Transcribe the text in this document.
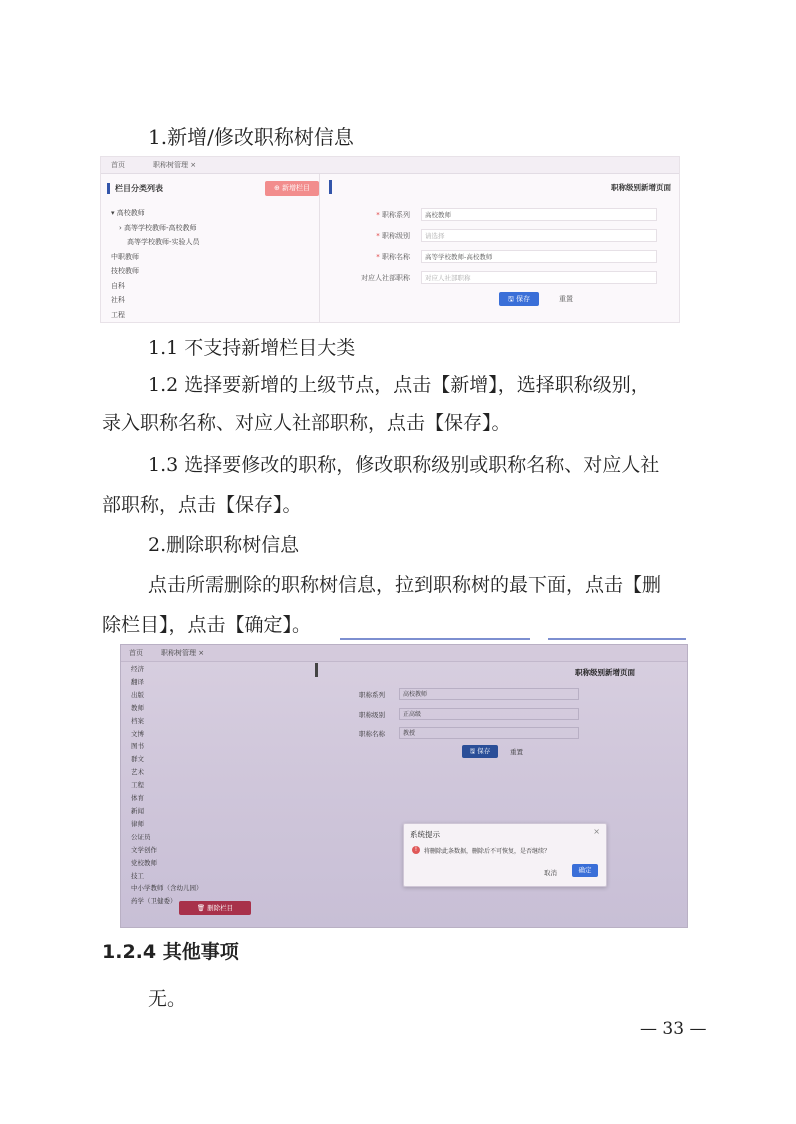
1.新增/修改职称树信息
首页	职称树管理 ×
栏目分类列表	⊕ 新增栏目
▾ 高校教师
› 高等学校教师-高校教师
高等学校教师-实验人员
中职教师
技校教师
自科
社科
工程
职称级别新增页面
* 职称系列	高校教师
* 职称级别	请选择
* 职称名称	高等学校教师-高校教师
对应人社部职称	对应人社部职称
🖫 保存	重置
1.1 不支持新增栏目大类
1.2 选择要新增的上级节点，点击【新增】，选择职称级别，
录入职称名称、对应人社部职称，点击【保存】。
1.3 选择要修改的职称，修改职称级别或职称名称、对应人社
部职称，点击【保存】。
2.删除职称树信息
点击所需删除的职称树信息，拉到职称树的最下面，点击【删
除栏目】，点击【确定】。
首页	职称树管理 ×
经济
翻译
出版
教师
档案
文博
图书
群文
艺术
工程
体育
新闻
律师
公证员
文学创作
党校教师
技工
中小学教师（含幼儿园）
药学（卫健委）
职称级别新增页面
职称系列	高校教师
职称级别	正高级
职称名称	教授
🖫 保存	重置
🗑 删除栏目
系统提示	×
!	将删除此条数据，删除后不可恢复，是否继续？
取消	确定
1.2.4 其他事项
无。
— 33 —
